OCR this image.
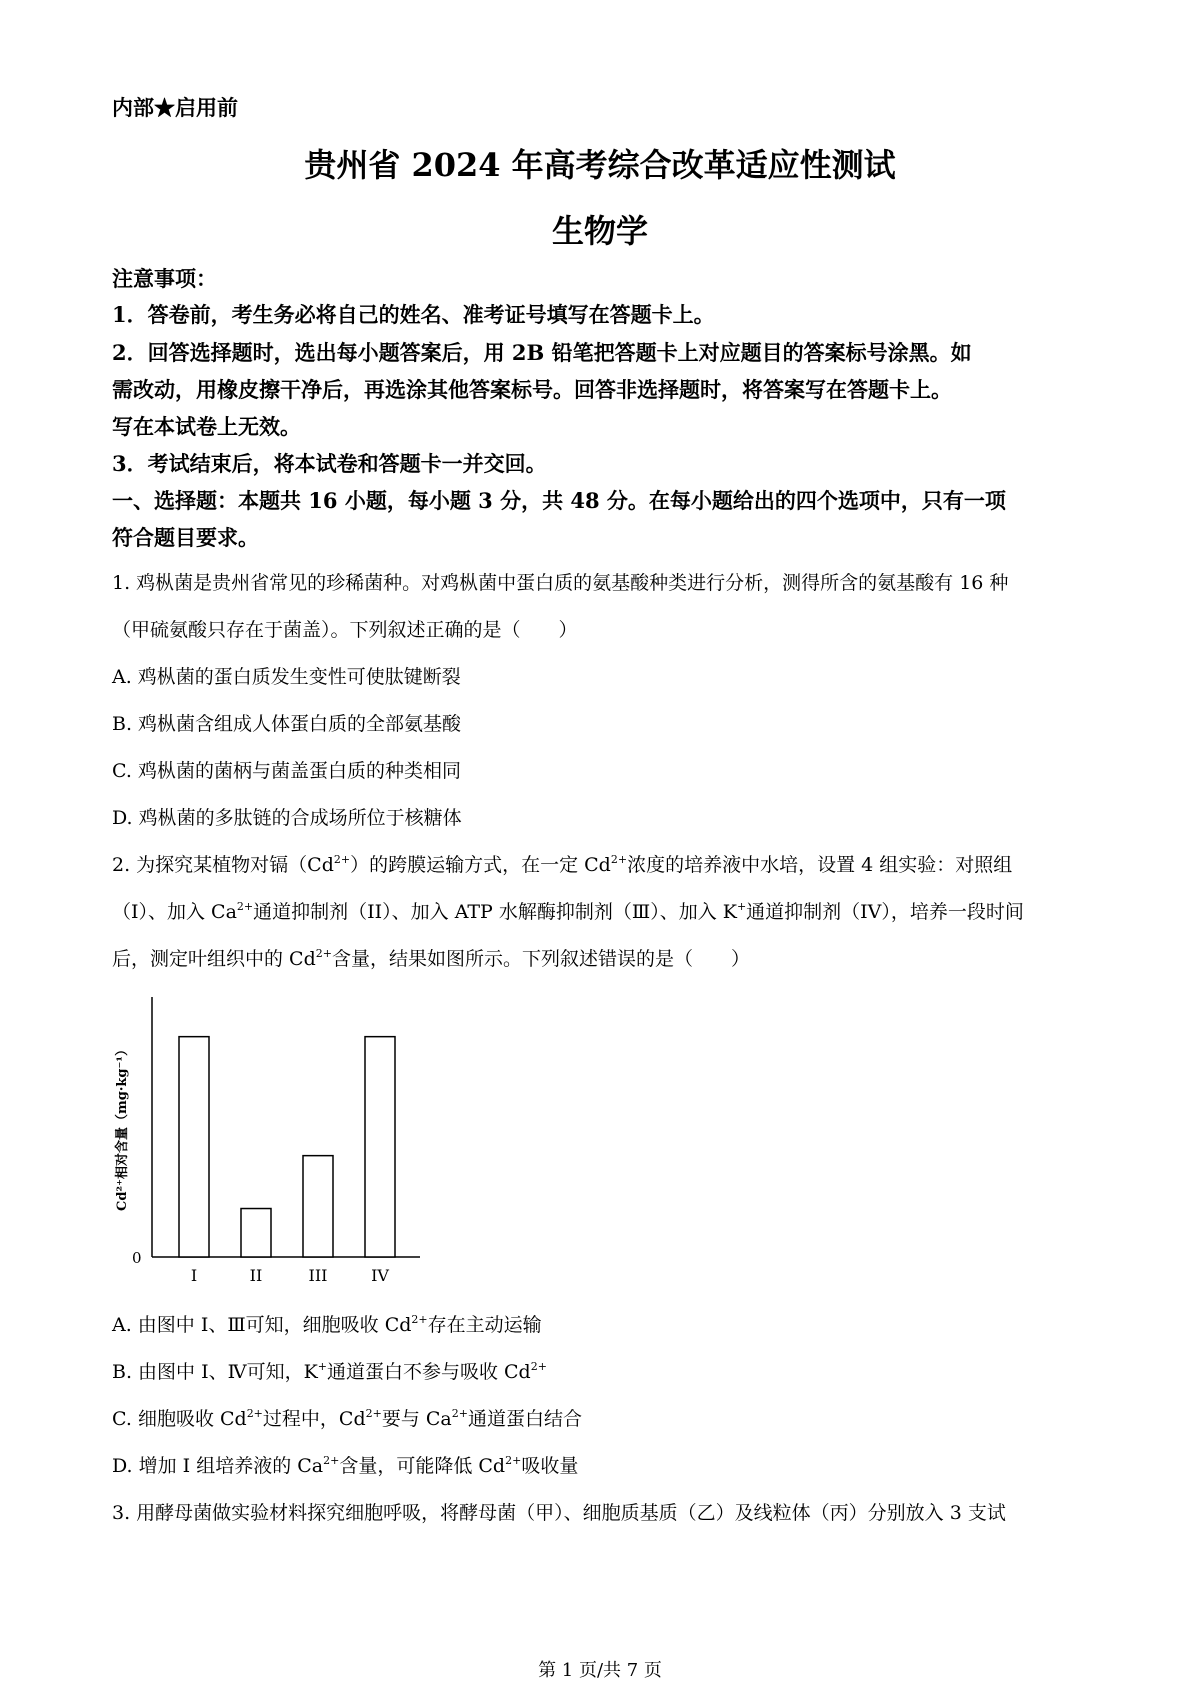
内部★启用前
贵州省 2024 年高考综合改革适应性测试
生物学
注意事项：
1．答卷前，考生务必将自己的姓名、准考证号填写在答题卡上。
2．回答选择题时，选出每小题答案后，用 2B 铅笔把答题卡上对应题目的答案标号涂黑。如
需改动，用橡皮擦干净后，再选涂其他答案标号。回答非选择题时，将答案写在答题卡上。
写在本试卷上无效。
3．考试结束后，将本试卷和答题卡一并交回。
一、选择题：本题共 16 小题，每小题 3 分，共 48 分。在每小题给出的四个选项中，只有一项
符合题目要求。
1. 鸡枞菌是贵州省常见的珍稀菌种。对鸡枞菌中蛋白质的氨基酸种类进行分析，测得所含的氨基酸有 16 种
（甲硫氨酸只存在于菌盖）。下列叙述正确的是（　　）
A. 鸡枞菌的蛋白质发生变性可使肽键断裂
B. 鸡枞菌含组成人体蛋白质的全部氨基酸
C. 鸡枞菌的菌柄与菌盖蛋白质的种类相同
D. 鸡枞菌的多肽链的合成场所位于核糖体
2. 为探究某植物对镉$(Cd^{2+})$的跨膜运输方式，在一定 $Cd^{2+}$浓度的培养液中水培，设置 4 组实验：对照组
（I）、加入 $Ca^{2+}$通道抑制剂（II）、加入 ATP 水解酶抑制剂（Ⅲ）、加入 K+通道抑制剂（IV），培养一段时间
后，测定叶组织中的 $Cd^{2+}$含量，结果如图所示。下列叙述错误的是（　　）
0
Cd²⁺相对含量（mg·kg⁻¹）
I	II	III	IV
A. 由图中 I、Ⅲ可知，细胞吸收 $Cd^{2+}$存在主动运输
B. 由图中 I、Ⅳ可知，K+通道蛋白不参与吸收 $Cd^{2+}$
C. 细胞吸收 $Cd^{2+}$过程中，$Cd^{2+}$要与 $Ca^{2+}$通道蛋白结合
D. 增加 I 组培养液的 $Ca^{2+}$含量，可能降低 $Cd^{2+}$吸收量
3. 用酵母菌做实验材料探究细胞呼吸，将酵母菌（甲）、细胞质基质（乙）及线粒体（丙）分别放入 3 支试
第 1 页/共 7 页
